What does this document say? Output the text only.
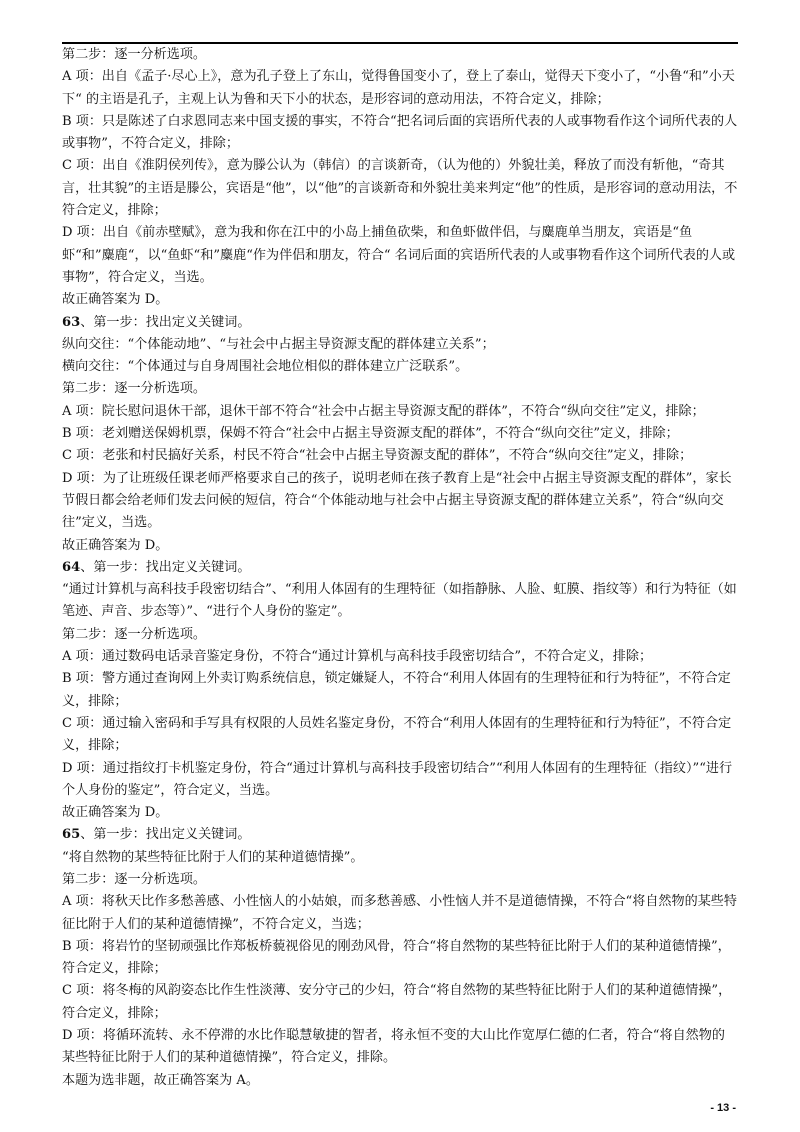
第二步：逐一分析选项。

A 项：出自《孟子·尽心上》，意为孔子登上了东山，觉得鲁国变小了，登上了泰山，觉得天下变小了，“小鲁“和”小天下“ 的主语是孔子，主观上认为鲁和天下小的状态，是形容词的意动用法，不符合定义，排除；

B 项：只是陈述了白求恩同志来中国支援的事实，不符合“把名词后面的宾语所代表的人或事物看作这个词所代表的人或事物”，不符合定义，排除；

C 项：出自《淮阴侯列传》，意为滕公认为（韩信）的言谈新奇，（认为他的）外貌壮美，释放了而没有斩他，“奇其言，壮其貌”的主语是滕公，宾语是“他”，以“他”的言谈新奇和外貌壮美来判定“他”的性质，是形容词的意动用法，不符合定义，排除；

D 项：出自《前赤壁赋》，意为我和你在江中的小岛上捕鱼砍柴，和鱼虾做伴侣，与麋鹿单当朋友，宾语是“鱼虾“和”麋鹿“，以“鱼虾“和”麋鹿“作为伴侣和朋友，符合“ 名词后面的宾语所代表的人或事物看作这个词所代表的人或事物”，符合定义，当选。

故正确答案为 D。

63、第一步：找出定义关键词。

纵向交往：“个体能动地”、“与社会中占据主导资源支配的群体建立关系”；

横向交往：“个体通过与自身周围社会地位相似的群体建立广泛联系”。

第二步：逐一分析选项。

A 项：院长慰问退休干部，退休干部不符合“社会中占据主导资源支配的群体”，不符合“纵向交往”定义，排除；

B 项：老刘赠送保姆机票，保姆不符合“社会中占据主导资源支配的群体”，不符合“纵向交往”定义，排除；

C 项：老张和村民搞好关系，村民不符合“社会中占据主导资源支配的群体”，不符合“纵向交往”定义，排除；

D 项：为了让班级任课老师严格要求自己的孩子，说明老师在孩子教育上是“社会中占据主导资源支配的群体”，家长节假日都会给老师们发去问候的短信，符合“个体能动地与社会中占据主导资源支配的群体建立关系”，符合“纵向交往”定义，当选。

故正确答案为 D。

64、第一步：找出定义关键词。

“通过计算机与高科技手段密切结合”、“利用人体固有的生理特征（如指静脉、人脸、虹膜、指纹等）和行为特征（如笔迹、声音、步态等）”、“进行个人身份的鉴定”。

第二步：逐一分析选项。

A 项：通过数码电话录音鉴定身份，不符合“通过计算机与高科技手段密切结合”，不符合定义，排除；

B 项：警方通过查询网上外卖订购系统信息，锁定嫌疑人，不符合“利用人体固有的生理特征和行为特征”，不符合定义，排除；

C 项：通过输入密码和手写具有权限的人员姓名鉴定身份，不符合“利用人体固有的生理特征和行为特征”，不符合定义，排除；

D 项：通过指纹打卡机鉴定身份，符合“通过计算机与高科技手段密切结合”“利用人体固有的生理特征（指纹）”“进行个人身份的鉴定”，符合定义，当选。

故正确答案为 D。

65、第一步：找出定义关键词。

“将自然物的某些特征比附于人们的某种道德情操”。

第二步：逐一分析选项。

A 项：将秋天比作多愁善感、小性恼人的小姑娘，而多愁善感、小性恼人并不是道德情操，不符合“将自然物的某些特征比附于人们的某种道德情操”，不符合定义，当选；

B 项：将岩竹的坚韧顽强比作郑板桥藐视俗见的刚劲风骨，符合“将自然物的某些特征比附于人们的某种道德情操”，符合定义，排除；

C 项：将冬梅的风韵姿态比作生性淡薄、安分守己的少妇，符合“将自然物的某些特征比附于人们的某种道德情操”，符合定义，排除；

D 项：将循环流转、永不停滞的水比作聪慧敏捷的智者，将永恒不变的大山比作宽厚仁德的仁者，符合“将自然物的某些特征比附于人们的某种道德情操”，符合定义，排除。

本题为选非题，故正确答案为 A。

- 13 -
